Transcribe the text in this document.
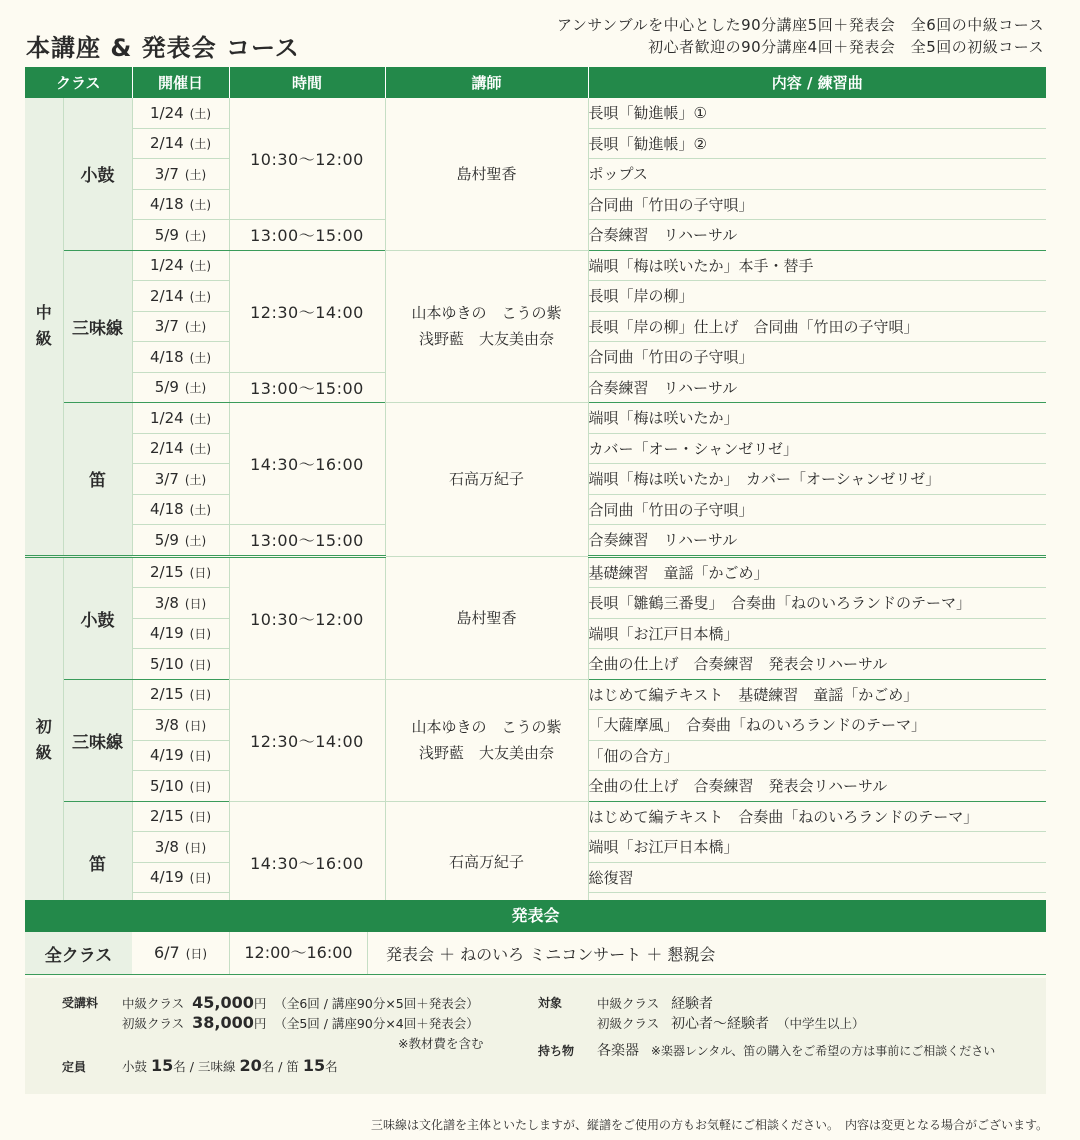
本講座 & 発表会 コース
アンサンブルを中心とした90分講座5回＋発表会　全6回の中級コース
初心者歓迎の90分講座4回＋発表会　全5回の初級コース
クラス		開催日	時間	講師	内容 / 練習曲
中級	小鼓	1/24 (土)	10:30〜12:00	島村聖香	長唄「勧進帳」①
		2/14 (土)			長唄「勧進帳」②
		3/7 (土)			ポップス
		4/18 (土)			合同曲「竹田の子守唄」
		5/9 (土)	13:00〜15:00		合奏練習　リハーサル
	三味線	1/24 (土)	12:30〜14:00	山本ゆきの　こうの紫
浅野藍　大友美由奈	端唄「梅は咲いたか」本手・替手
		2/14 (土)			長唄「岸の柳」
		3/7 (土)			長唄「岸の柳」仕上げ　合同曲「竹田の子守唄」
		4/18 (土)			合同曲「竹田の子守唄」
		5/9 (土)	13:00〜15:00		合奏練習　リハーサル
	笛	1/24 (土)	14:30〜16:00	石高万紀子	端唄「梅は咲いたか」
		2/14 (土)			カバー「オー・シャンゼリゼ」
		3/7 (土)			端唄「梅は咲いたか」　カバー「オーシャンゼリゼ」
		4/18 (土)			合同曲「竹田の子守唄」
		5/9 (土)	13:00〜15:00		合奏練習　リハーサル
初級	小鼓	2/15 (日)	10:30〜12:00	島村聖香	基礎練習　童謡「かごめ」
		3/8 (日)			長唄「雛鶴三番叟」　合奏曲「ねのいろランドのテーマ」
		4/19 (日)			端唄「お江戸日本橋」
		5/10 (日)			全曲の仕上げ　合奏練習　発表会リハーサル
	三味線	2/15 (日)	12:30〜14:00	山本ゆきの　こうの紫
浅野藍　大友美由奈	はじめて編テキスト　基礎練習　童謡「かごめ」
		3/8 (日)			「大薩摩風」　合奏曲「ねのいろランドのテーマ」
		4/19 (日)			「佃の合方」
		5/10 (日)			全曲の仕上げ　合奏練習　発表会リハーサル
	笛	2/15 (日)	14:30〜16:00	石高万紀子	はじめて編テキスト　合奏曲「ねのいろランドのテーマ」
		3/8 (日)			端唄「お江戸日本橋」
		4/19 (日)			総復習

発表会
全クラス	6/7 (日)	12:00〜16:00	発表会 ＋ ねのいろ ミニコンサート ＋ 懇親会
受講料 中級クラス 45,000円 （全6回 / 講座90分×5回＋発表会）
初級クラス 38,000円 （全5回 / 講座90分×4回＋発表会）
※教材費を含む
定員	小鼓 15名 / 三味線 20名 / 笛 15名
対象	中級クラス 経験者
初級クラス 初心者〜経験者 （中学生以上）
持ち物 各楽器 ※楽器レンタル、笛の購入をご希望の方は事前にご相談ください
三味線は文化譜を主体といたしますが、縦譜をご使用の方もお気軽にご相談ください。　内容は変更となる場合がございます。
